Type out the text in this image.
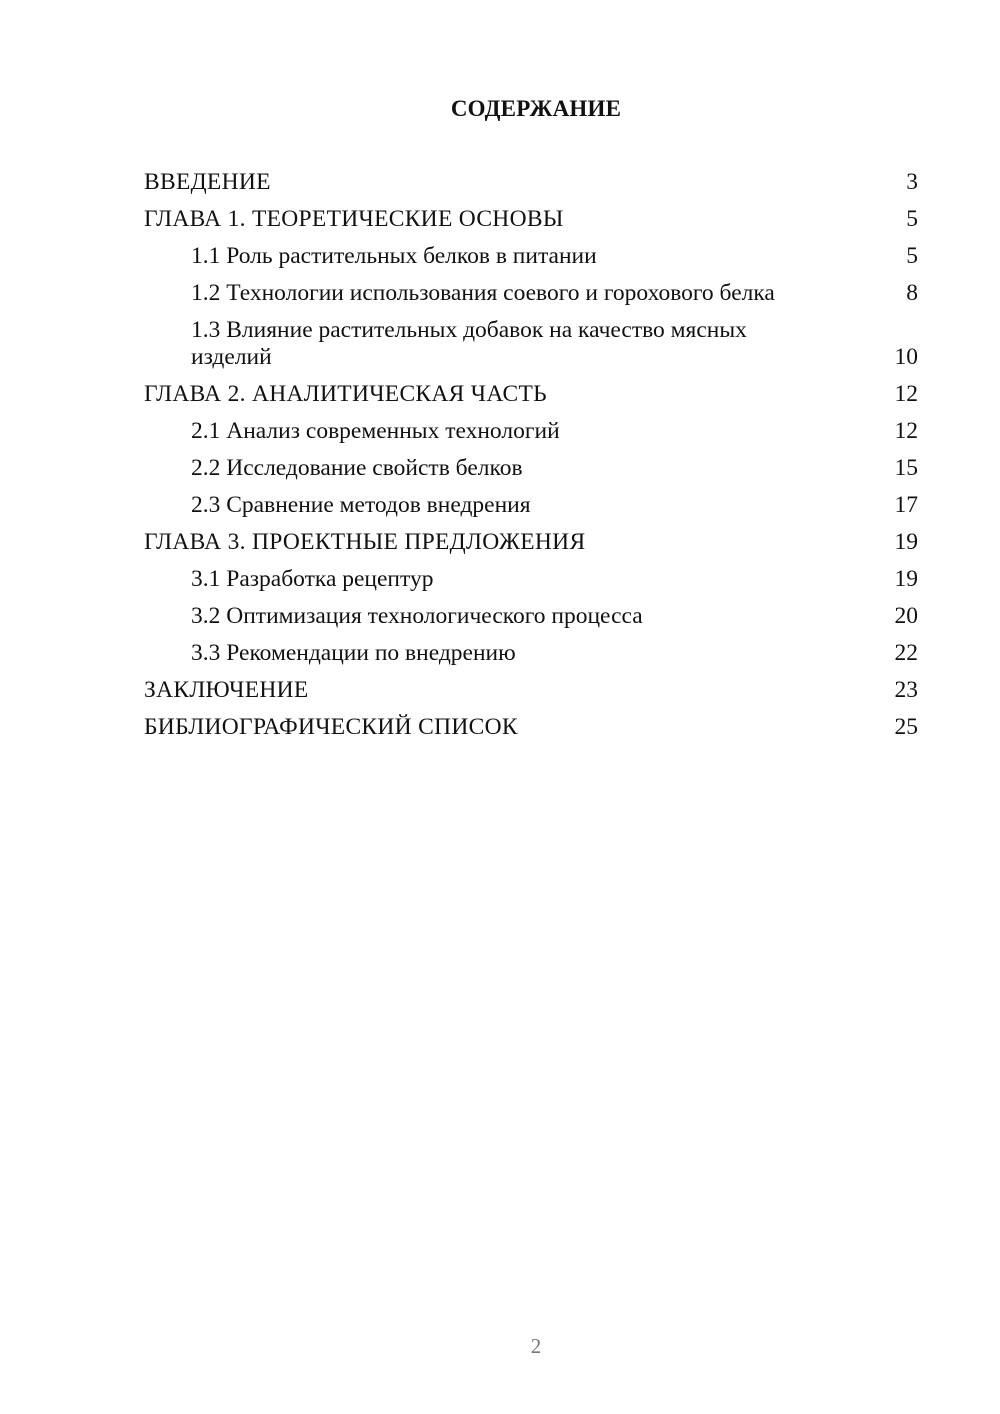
СОДЕРЖАНИЕ
ВВЕДЕНИЕ	3
ГЛАВА 1. ТЕОРЕТИЧЕСКИЕ ОСНОВЫ	5
1.1 Роль растительных белков в питании	5
1.2 Технологии использования соевого и горохового белка	8
1.3 Влияние растительных добавок на качество мясных изделий	10
ГЛАВА 2. АНАЛИТИЧЕСКАЯ ЧАСТЬ	12
2.1 Анализ современных технологий	12
2.2 Исследование свойств белков	15
2.3 Сравнение методов внедрения	17
ГЛАВА 3. ПРОЕКТНЫЕ ПРЕДЛОЖЕНИЯ	19
3.1 Разработка рецептур	19
3.2 Оптимизация технологического процесса	20
3.3 Рекомендации по внедрению	22
ЗАКЛЮЧЕНИЕ	23
БИБЛИОГРАФИЧЕСКИЙ СПИСОК	25
2
